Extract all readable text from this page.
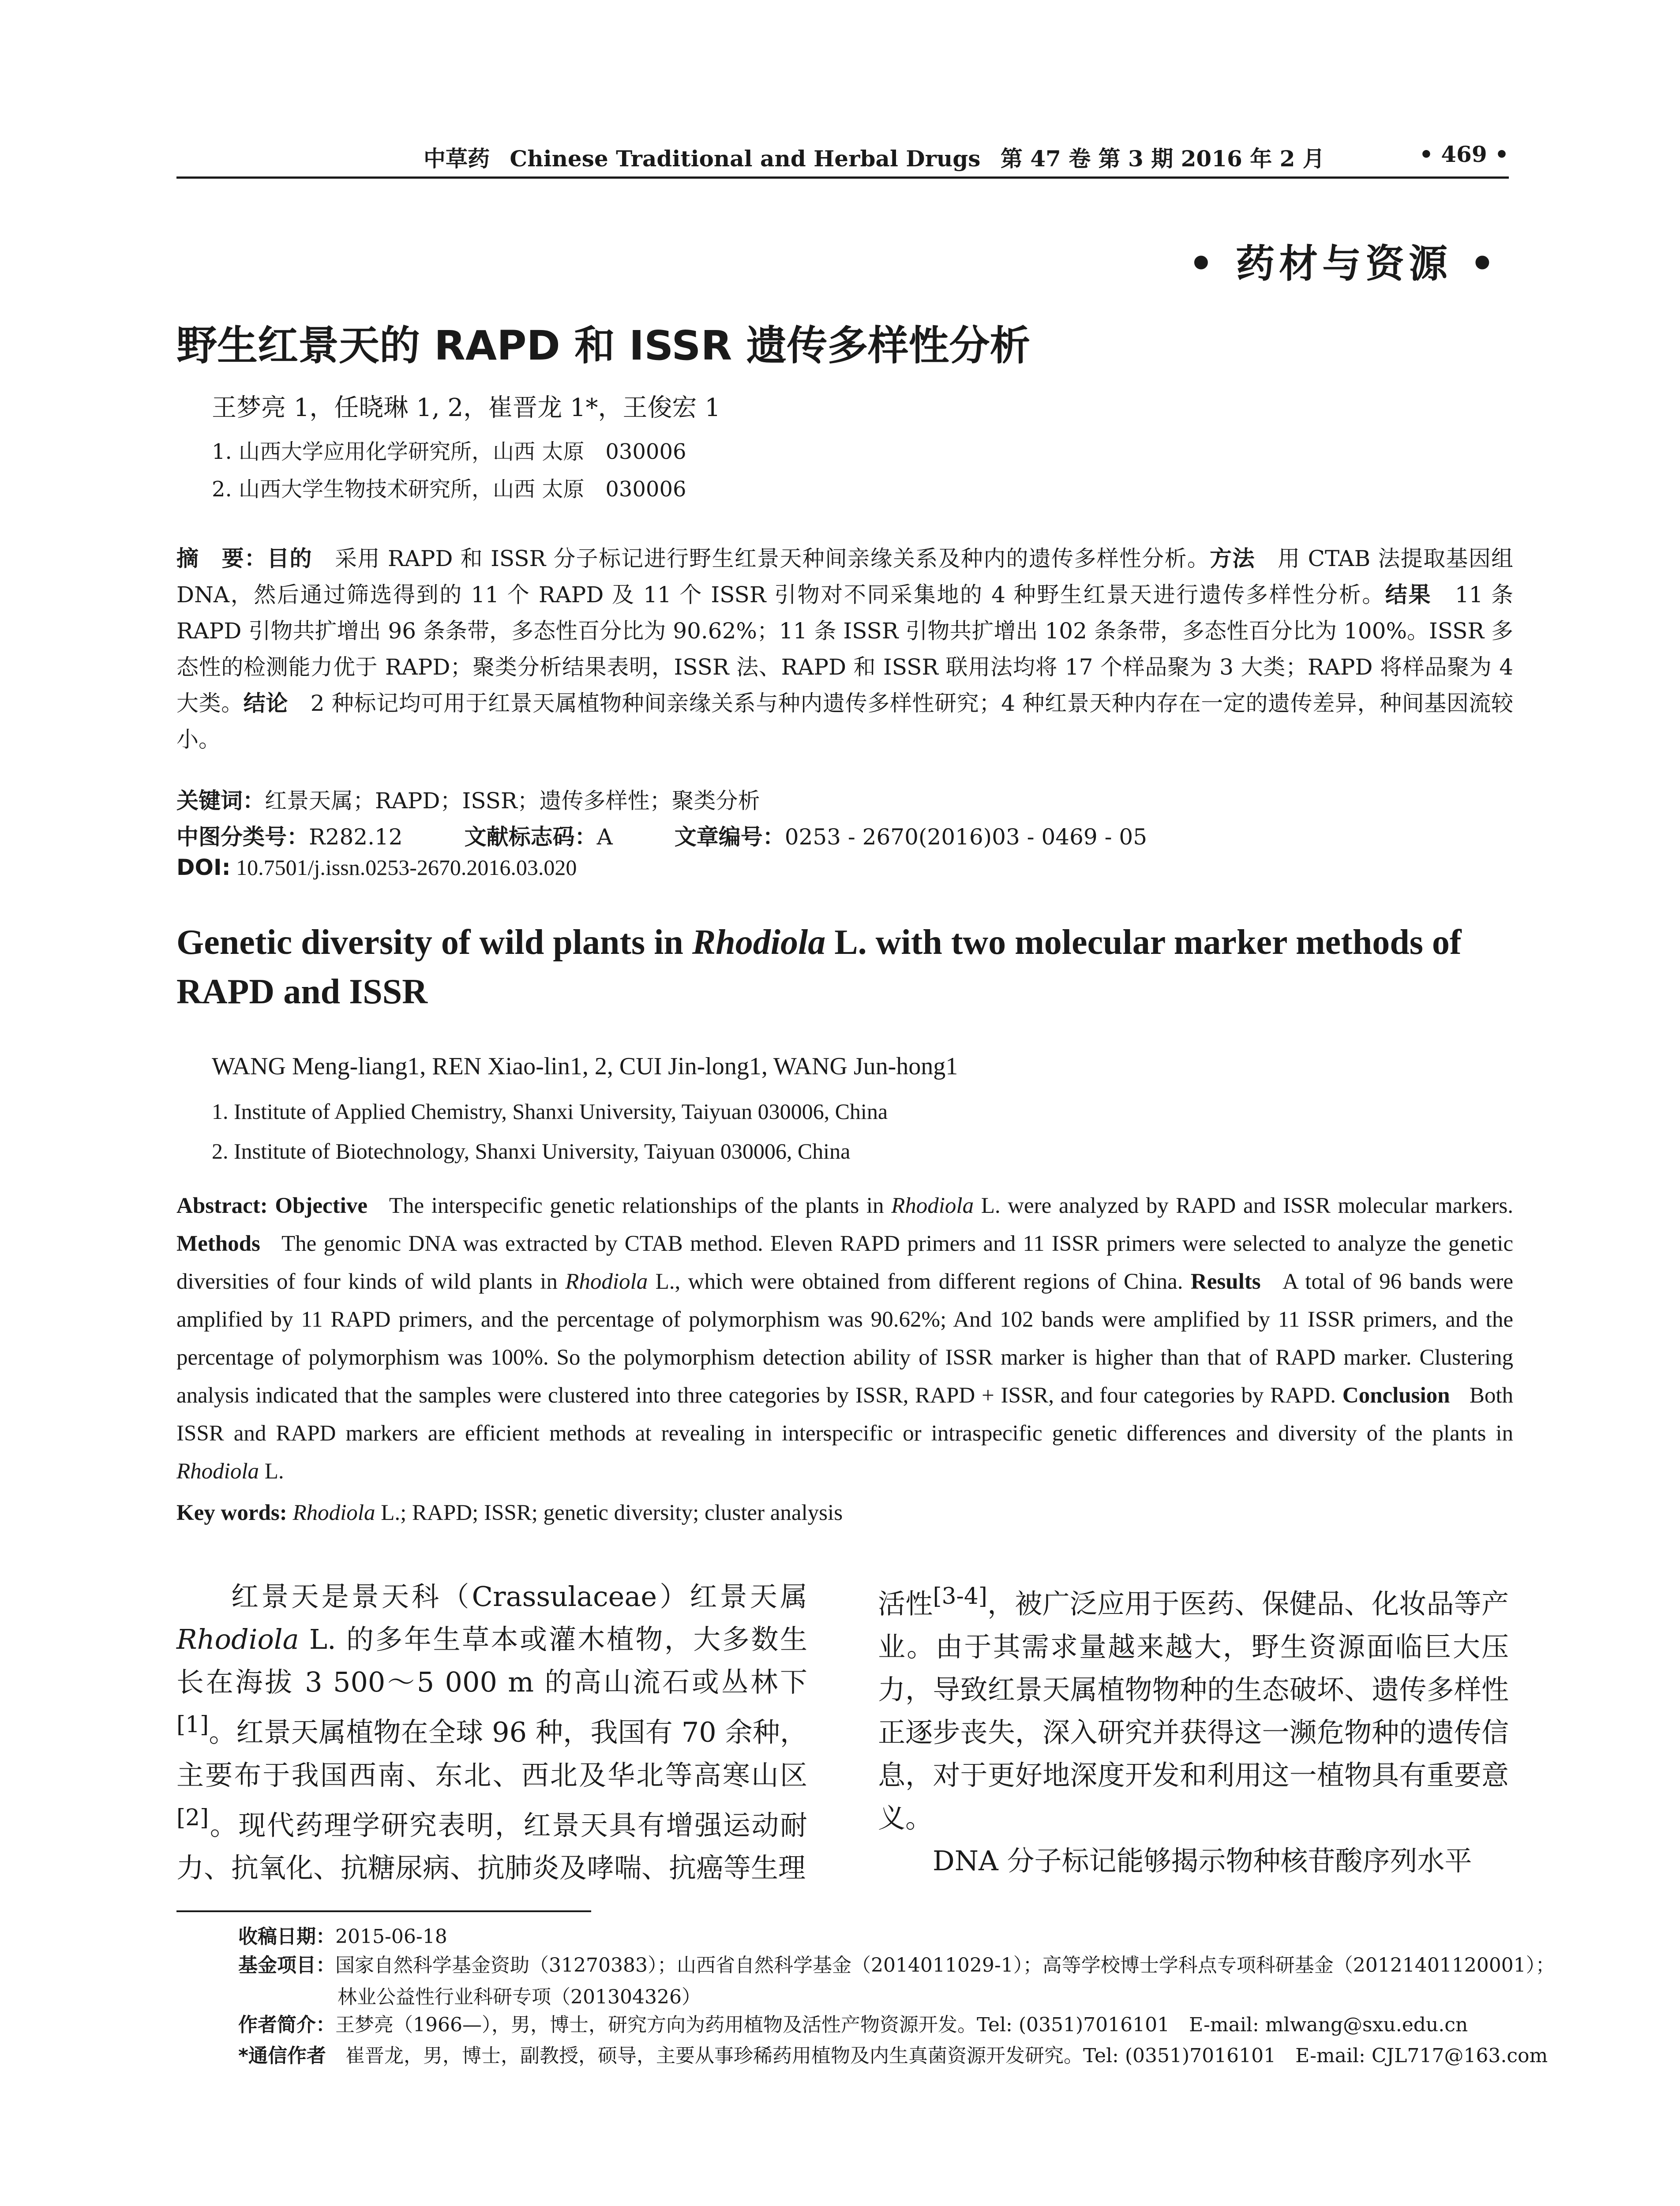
中草药 Chinese Traditional and Herbal Drugs 第 47 卷 第 3 期 2016 年 2 月	• 469 •
• 药材与资源 •
野生红景天的 RAPD 和 ISSR 遗传多样性分析
王梦亮 1，任晓琳 1, 2，崔晋龙 1*，王俊宏 1
1. 山西大学应用化学研究所，山西 太原　030006
2. 山西大学生物技术研究所，山西 太原　030006
摘　要：目的　 采用 RAPD 和 ISSR 分子标记进行野生红景天种间亲缘关系及种内的遗传多样性分析。方法　 用 CTAB 法提取基因组 DNA，然后通过筛选得到的 11 个 RAPD 及 11 个 ISSR 引物对不同采集地的 4 种野生红景天进行遗传多样性分析。结果　 11 条 RAPD 引物共扩增出 96 条条带，多态性百分比为 90.62%；11 条 ISSR 引物共扩增出 102 条条带，多态性百分比为 100%。ISSR 多态性的检测能力优于 RAPD；聚类分析结果表明，ISSR 法、RAPD 和 ISSR 联用法均将 17 个样品聚为 3 大类；RAPD 将样品聚为 4 大类。结论　 2 种标记均可用于红景天属植物种间亲缘关系与种内遗传多样性研究；4 种红景天种内存在一定的遗传差异，种间基因流较小。
关键词：红景天属；RAPD；ISSR；遗传多样性；聚类分析
中图分类号：R282.12	文献标志码：A	文章编号：0253 - 2670(2016)03 - 0469 - 05
DOI: 10.7501/j.issn.0253-2670.2016.03.020
Genetic diversity of wild plants in Rhodiola L. with two molecular marker methods of RAPD and ISSR
WANG Meng-liang1, REN Xiao-lin1, 2, CUI Jin-long1, WANG Jun-hong1
1. Institute of Applied Chemistry, Shanxi University, Taiyuan 030006, China
2. Institute of Biotechnology, Shanxi University, Taiyuan 030006, China
Abstract: Objective The interspecific genetic relationships of the plants in Rhodiola L. were analyzed by RAPD and ISSR molecular markers. Methods The genomic DNA was extracted by CTAB method. Eleven RAPD primers and 11 ISSR primers were selected to analyze the genetic diversities of four kinds of wild plants in Rhodiola L., which were obtained from different regions of China. Results A total of 96 bands were amplified by 11 RAPD primers, and the percentage of polymorphism was 90.62%; And 102 bands were amplified by 11 ISSR primers, and the percentage of polymorphism was 100%. So the polymorphism detection ability of ISSR marker is higher than that of RAPD marker. Clustering analysis indicated that the samples were clustered into three categories by ISSR, RAPD + ISSR, and four categories by RAPD. Conclusion Both ISSR and RAPD markers are efficient methods at revealing in interspecific or intraspecific genetic differences and diversity of the plants in Rhodiola L.
Key words: Rhodiola L.; RAPD; ISSR; genetic diversity; cluster analysis
红景天是景天科（Crassulaceae）红景天属 Rhodiola L. 的多年生草本或灌木植物，大多数生长在海拔 3 500～5 000 m 的高山流石或丛林下[1]。红景天属植物在全球 96 种，我国有 70 余种，主要布于我国西南、东北、西北及华北等高寒山区[2]。现代药理学研究表明，红景天具有增强运动耐力、抗氧化、抗糖尿病、抗肺炎及哮喘、抗癌等生理
活性[3-4]，被广泛应用于医药、保健品、化妆品等产业。由于其需求量越来越大，野生资源面临巨大压力，导致红景天属植物物种的生态破坏、遗传多样性正逐步丧失，深入研究并获得这一濒危物种的遗传信息，对于更好地深度开发和利用这一植物具有重要意义。
DNA 分子标记能够揭示物种核苷酸序列水平
收稿日期：2015-06-18
基金项目：国家自然科学基金资助（31270383）；山西省自然科学基金（2014011029-1）；高等学校博士学科点专项科研基金（20121401120001）；
林业公益性行业科研专项（201304326）
作者简介：王梦亮（1966—），男，博士，研究方向为药用植物及活性产物资源开发。Tel: (0351)7016101　E-mail: mlwang@sxu.edu.cn
*通信作者　 崔晋龙，男，博士，副教授，硕导，主要从事珍稀药用植物及内生真菌资源开发研究。Tel: (0351)7016101　E-mail: CJL717@163.com
